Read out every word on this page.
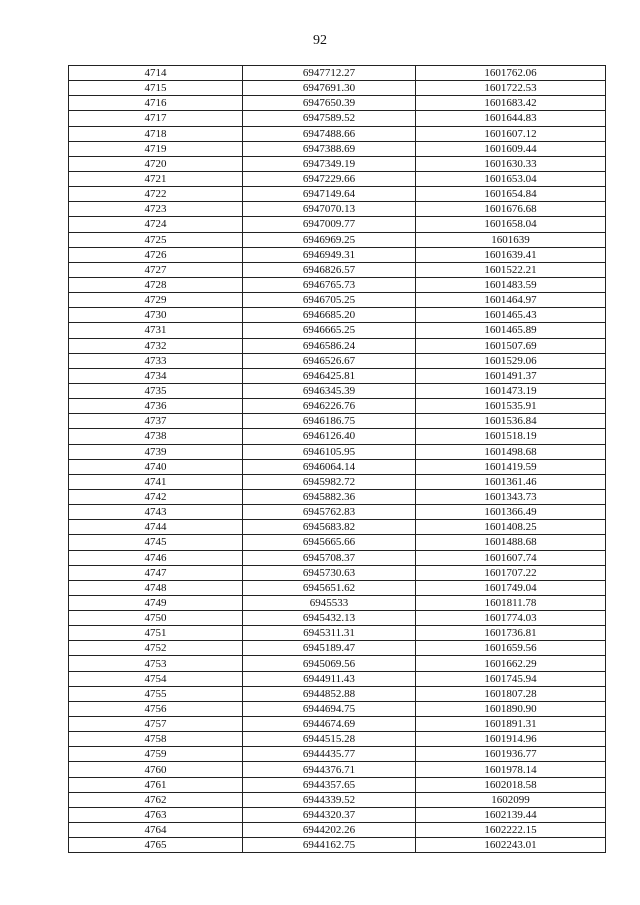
92
4714	6947712.27	1601762.06
4715	6947691.30	1601722.53
4716	6947650.39	1601683.42
4717	6947589.52	1601644.83
4718	6947488.66	1601607.12
4719	6947388.69	1601609.44
4720	6947349.19	1601630.33
4721	6947229.66	1601653.04
4722	6947149.64	1601654.84
4723	6947070.13	1601676.68
4724	6947009.77	1601658.04
4725	6946969.25	1601639
4726	6946949.31	1601639.41
4727	6946826.57	1601522.21
4728	6946765.73	1601483.59
4729	6946705.25	1601464.97
4730	6946685.20	1601465.43
4731	6946665.25	1601465.89
4732	6946586.24	1601507.69
4733	6946526.67	1601529.06
4734	6946425.81	1601491.37
4735	6946345.39	1601473.19
4736	6946226.76	1601535.91
4737	6946186.75	1601536.84
4738	6946126.40	1601518.19
4739	6946105.95	1601498.68
4740	6946064.14	1601419.59
4741	6945982.72	1601361.46
4742	6945882.36	1601343.73
4743	6945762.83	1601366.49
4744	6945683.82	1601408.25
4745	6945665.66	1601488.68
4746	6945708.37	1601607.74
4747	6945730.63	1601707.22
4748	6945651.62	1601749.04
4749	6945533	1601811.78
4750	6945432.13	1601774.03
4751	6945311.31	1601736.81
4752	6945189.47	1601659.56
4753	6945069.56	1601662.29
4754	6944911.43	1601745.94
4755	6944852.88	1601807.28
4756	6944694.75	1601890.90
4757	6944674.69	1601891.31
4758	6944515.28	1601914.96
4759	6944435.77	1601936.77
4760	6944376.71	1601978.14
4761	6944357.65	1602018.58
4762	6944339.52	1602099
4763	6944320.37	1602139.44
4764	6944202.26	1602222.15
4765	6944162.75	1602243.01
